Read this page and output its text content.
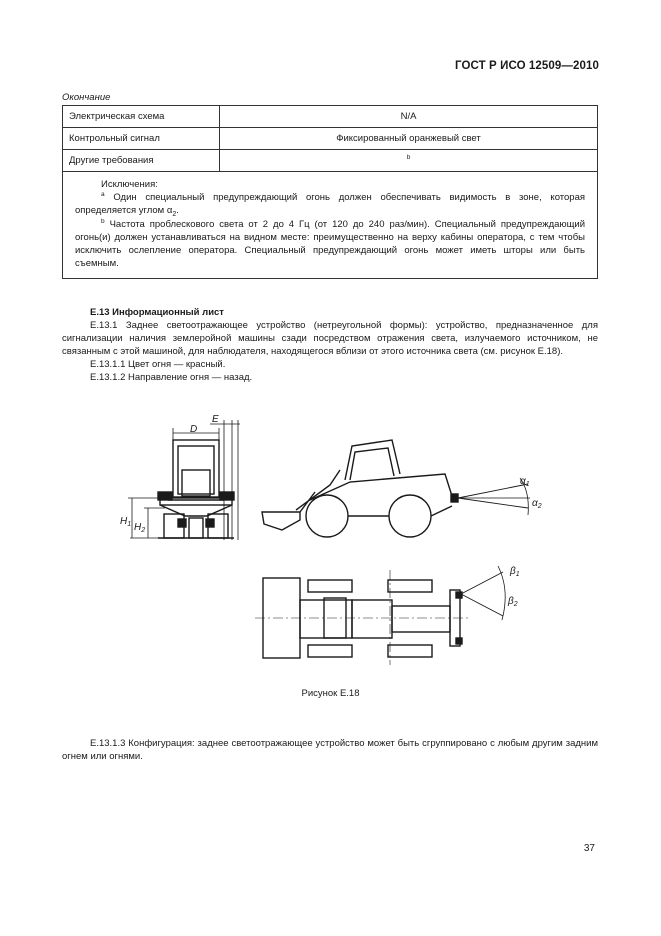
ГОСТ Р ИСО 12509—2010
Окончание
Электрическая схема	N/A
Контрольный сигнал	Фиксированный оранжевый свет
Другие требования	$^b$

Исключения:

$^а$ Один специальный предупреждающий огонь должен обеспечивать видимость в зоне, которая определяется углом $\alpha_2$.

$^b$ Частота проблескового света от 2 до 4 Гц (от 120 до 240 раз/мин). Специальный предупреждающий огонь(и) должен устанавливаться на видном месте: преимущественно на верху кабины оператора, с тем чтобы исключить ослепление оператора. Специальный предупреждающий огонь может иметь шторы или быть съемным.	

Е.13 Информационный лист

Е.13.1 Заднее светоотражающее устройство (нетреугольной формы): устройство, предназначенное для сигнализации наличия землеройной машины сзади посредством отражения света, излучаемого источником, не связанным с этой машиной, для наблюдателя, находящегося вблизи от этого источника света (см. рисунок Е.18).

Е.13.1.1 Цвет огня — красный.

Е.13.1.2 Направление огня — назад.

D
E
$H_1$ $H_2$
$\alpha_1$
$\alpha_2$
$\beta_1$
$\beta_2$
Рисунок Е.18

Е.13.1.3 Конфигурация: заднее светоотражающее устройство может быть сгруппировано с любым другим задним огнем или огнями.

37
